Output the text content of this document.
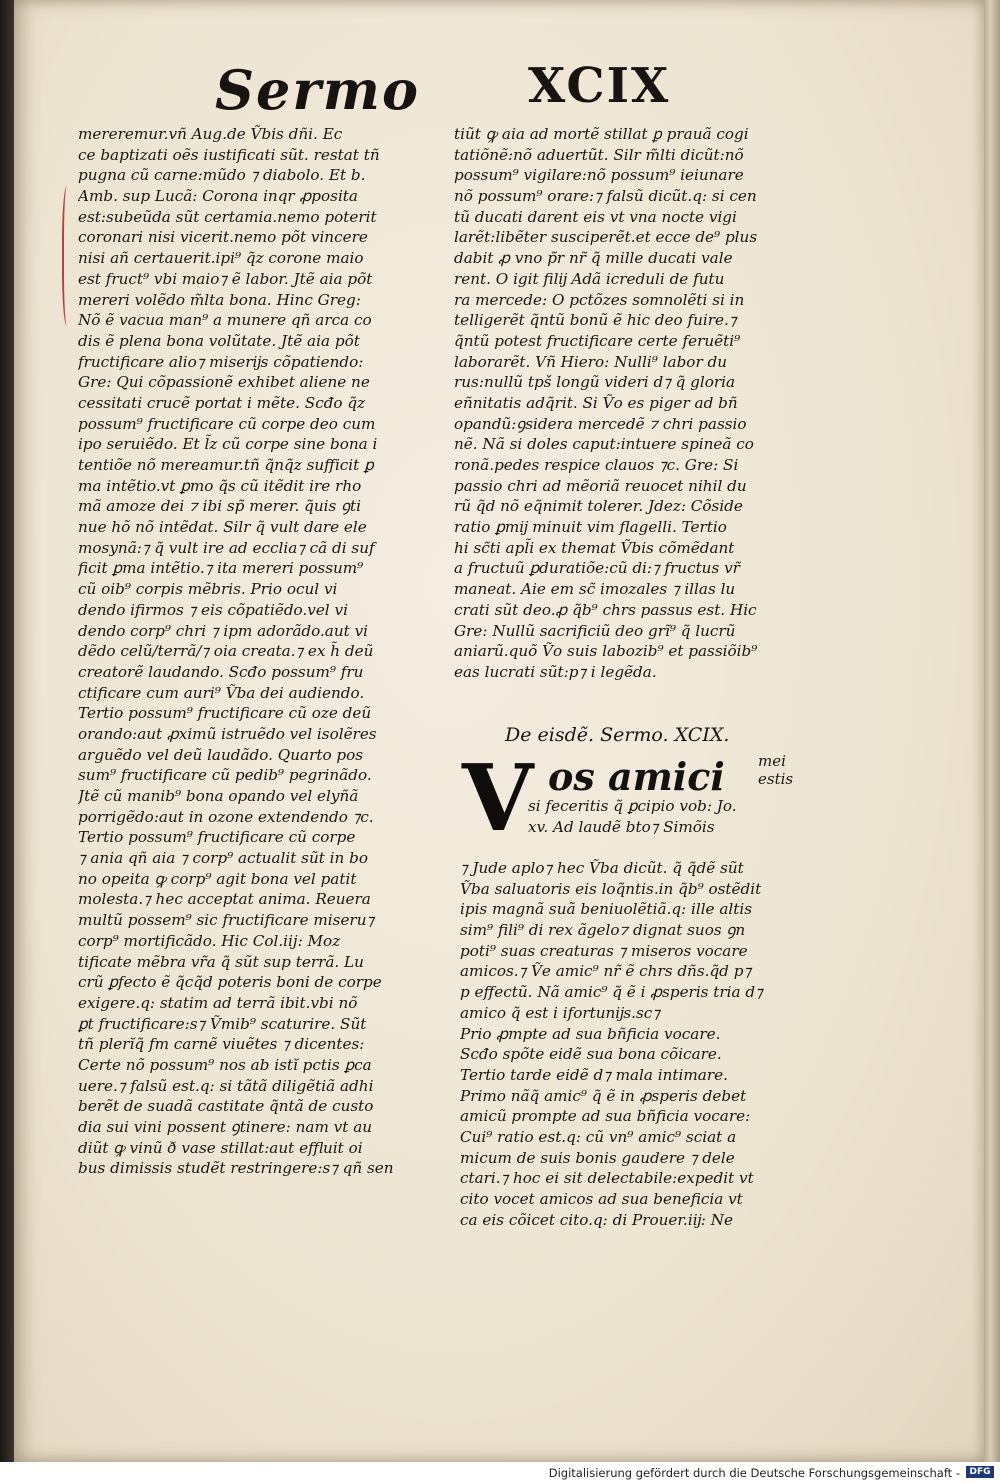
Sermo XCIX
mereremur.vñ Aug.de Ṽbis dñi. Ec
ce baptizati oẽs iustificati sũt. restat tñ
pugna cũ carne:mũdo ⁊ diabolo. Et b.
Amb. sup Lucã: Corona inqr ꝓposita
est:subeũda sũt certamia.nemo poterit
coronari nisi vicerit.nemo põt vincere
nisi añ certauerit.ipi⁹ q̃z corone maio
est fruct⁹ vbi maio⁊ ẽ labor. Jtẽ aia põt
mereri volẽdo m̃lta bona. Hinc Greg:
Nõ ẽ vacua man⁹ a munere qñ arca co
dis ẽ plena bona volũtate. Jtẽ aia põt
fructificare alio⁊ miserĳs cõpatiendo:
Gre: Qui cõpassionẽ exhibet aliene ne
cessitati crucẽ portat i mẽte. Scđo q̃z
possum⁹ fructificare cũ corpe deo cum
ipo seruiẽdo. Et l̃z cũ corpe sine bona i
tentiõe nõ mereamur.tñ q̃nq̃z sufficit ꝑ
ma intẽtio.vt ꝑmo q̃s cũ itẽdit ire rho
mã amoze dei ⁊ ibi sp̃ merer. q̃uis ꝯti
nue hõ nõ intẽdat. Silr q̃ vult dare ele
mosynã:⁊ q̃ vult ire ad ecclia⁊ cã di suf
ficit ꝑma intẽtio.⁊ ita mereri possum⁹
cũ oib⁹ corpis mẽbris. Prio ocul vi
dendo ifirmos ⁊ eis cõpatiẽdo.vel vi
dendo corp⁹ chri ⁊ ipm adorãdo.aut vi
dẽdo celũ/terrã/⁊ oia creata.⁊ ex h̃ deũ
creatorẽ laudando. Scđo possum⁹ fru
ctificare cum auri⁹ Ṽba dei audiendo.
Tertio possum⁹ fructificare cũ oze deũ
orando:aut ꝓximũ istruẽdo vel isolẽres
arguẽdo vel deũ laudãdo. Quarto pos
sum⁹ fructificare cũ pedib⁹ pegrinãdo.
Jtẽ cũ manib⁹ bona opando vel elyñã
porrigẽdo:aut in ozone extendendo ⁊c.
Tertio possum⁹ fructificare cũ corpe
⁊ ania qñ aia ⁊ corp⁹ actualit sũt in bo
no opeita ꝙ corp⁹ agit bona vel patit
molesta.⁊ hec acceptat anima. Reuera
multũ possem⁹ sic fructificare miseru⁊
corp⁹ mortificãdo. Hic Col.iij: Moz
tificate mẽbra vr̃a q̃ sũt sup terrã. Lu
crũ ꝑfecto ẽ q̃cq̃d poteris boni de corpe
exigere.q: statim ad terrã ibit.vbi nõ
ꝑt fructificare:s⁊ Ṽmib⁹ scaturire. Sũt
tñ plerĭq̃ fm carnẽ viuẽtes ⁊ dicentes:
Certe nõ possum⁹ nos ab istĭ pctis ꝑca
uere.⁊ falsũ est.q: si tãtã diligẽtiã adhi
berẽt de suadã castitate q̃ntã de custo
dia sui vini possent ꝯtinere: nam vt au
diũt ꝙ vinũ ð vase stillat:aut effluit oi
bus dimissis studẽt restringere:s⁊ qñ sen
tiũt ꝙ aia ad mortẽ stillat ꝑ prauã cogi
tatiõnẽ:nõ aduertũt. Silr m̃lti dicũt:nõ
possum⁹ vigilare:nõ possum⁹ ieiunare
nõ possum⁹ orare:⁊ falsũ dicũt.q: si cen
tũ ducati darent eis vt vna nocte vigi
larẽt:libẽter susciperẽt.et ecce de⁹ plus
dabit ꝓ vno p̃r nr̃ q̃ mille ducati vale
rent. O igit filĳ Adã icreduli de futu
ra mercede: O pctõzes somnolẽti si in
telligerẽt q̃ntũ bonũ ẽ hic deo fuire.⁊
q̃ntũ potest fructificare certe feruẽti⁹
laborarẽt. Vñ Hiero: Nulli⁹ labor du
rus:nullũ tpš longũ videri d⁊ q̃ gloria
eñnitatis adq̃rit. Si Ṽo es piger ad bñ
opandũ:ꝯsidera mercedẽ ⁊ chri passio
nẽ. Nã si doles caput:intuere spineã co
ronã.pedes respice clauos ⁊c. Gre: Si
passio chri ad mẽoriã reuocet nihil du
rũ q̃d nõ eq̃nimit tolerer. Jdez: Cõside
ratio ꝑmĳ minuit vim flagelli. Tertio
hi sc̃ti apl̃i ex themat Ṽbis cõmẽdant
a fructuũ ꝑduratiõe:cũ di:⁊ fructus vr̃
maneat. Aie em sc̃ imozales ⁊ illas lu
crati sũt deo.ꝓ q̃b⁹ chrs passus est. Hic
Gre: Nullũ sacrificiũ deo grĩ⁹ q̃ lucrũ
aniarũ.quõ Ṽo suis labozib⁹ et passiõib⁹
eas lucrati sũt:p⁊ i legẽda.
De eisdẽ. Sermo. XCIX.
V os amici mei estis
si feceritis q̃ ꝑcipio vob: Jo.
xv. Ad laudẽ bto⁊ Simõis
⁊ Jude aplo⁊ hec Ṽba dicũt. q̃ q̃dẽ sũt
Ṽba saluatoris eis loq̃ntis.in q̃b⁹ ostẽdit
ipis magnã suã beniuolẽtiã.q: ille altis
sim⁹ fili⁹ di rex ãgelo⁊ dignat suos ꝯn
poti⁹ suas creaturas ⁊ miseros vocare
amicos.⁊ Ṽe amic⁹ nr̃ ẽ chrs dñs.q̃d p⁊
p effectũ. Nã amic⁹ q̃ ẽ i ꝓsperis tria d⁊
amico q̃ est i ifortunĳs.sc⁊
Prio ꝓmpte ad sua bñficia vocare.
Scđo spõte eidẽ sua bona cõicare.
Tertio tarde eidẽ d⁊ mala intimare.
Primo nãq̃ amic⁹ q̃ ẽ in ꝓsperis debet
amicũ prompte ad sua bñficia vocare:
Cui⁹ ratio est.q: cũ vn⁹ amic⁹ sciat a
micum de suis bonis gaudere ⁊ dele
ctari.⁊ hoc ei sit delectabile:expedit vt
cito vocet amicos ad sua beneficia vt
ca eis cõicet cito.q: di Prouer.iĳ: Ne
Digitalisierung gefördert durch die Deutsche Forschungsgemeinschaft -	DFG
